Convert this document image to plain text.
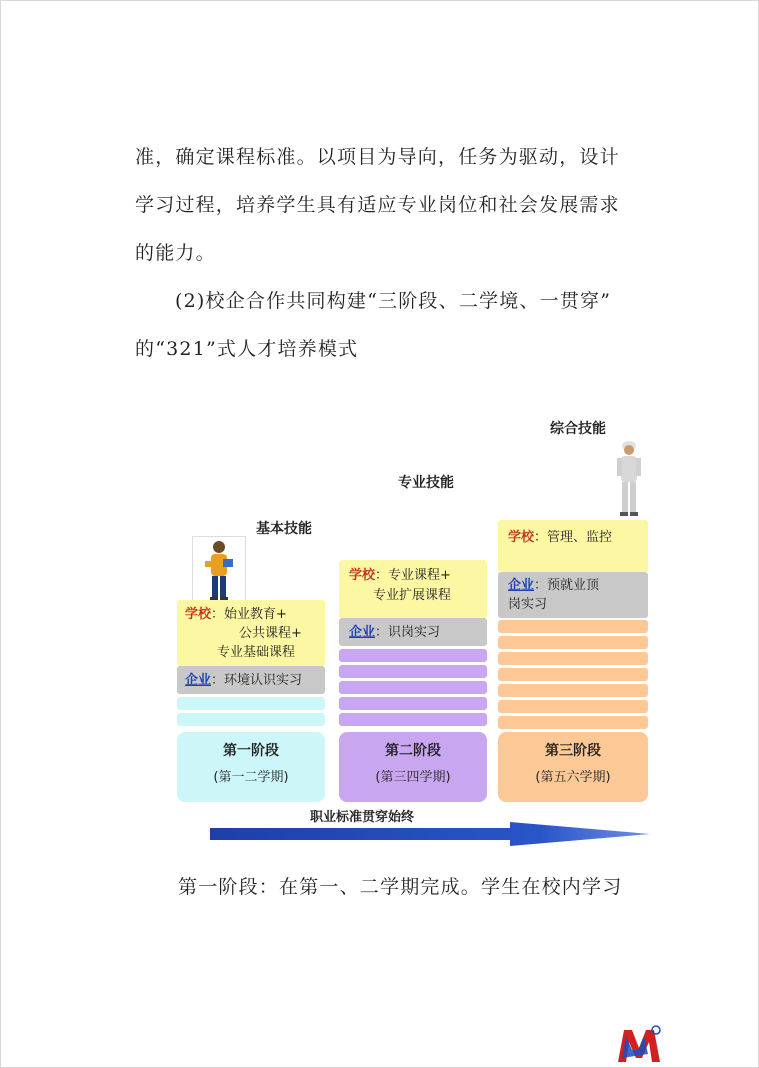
准，确定课程标准。以项目为导向，任务为驱动，设计
学习过程，培养学生具有适应专业岗位和社会发展需求
的能力。
(2)校企合作共同构建“三阶段、二学境、一贯穿”
的“321”式人才培养模式
基本技能
专业技能
综合技能
学校：始业教育+
公共课程+
专业基础课程
企业：环境认识实习
第一阶段
(第一二学期)
学校：专业课程+
专业扩展课程
企业：识岗实习
第二阶段
(第三四学期)
学校：管理、监控
企业：预就业顶
岗实习
第三阶段
(第五六学期)
职业标准贯穿始终
第一阶段：在第一、二学期完成。学生在校内学习
